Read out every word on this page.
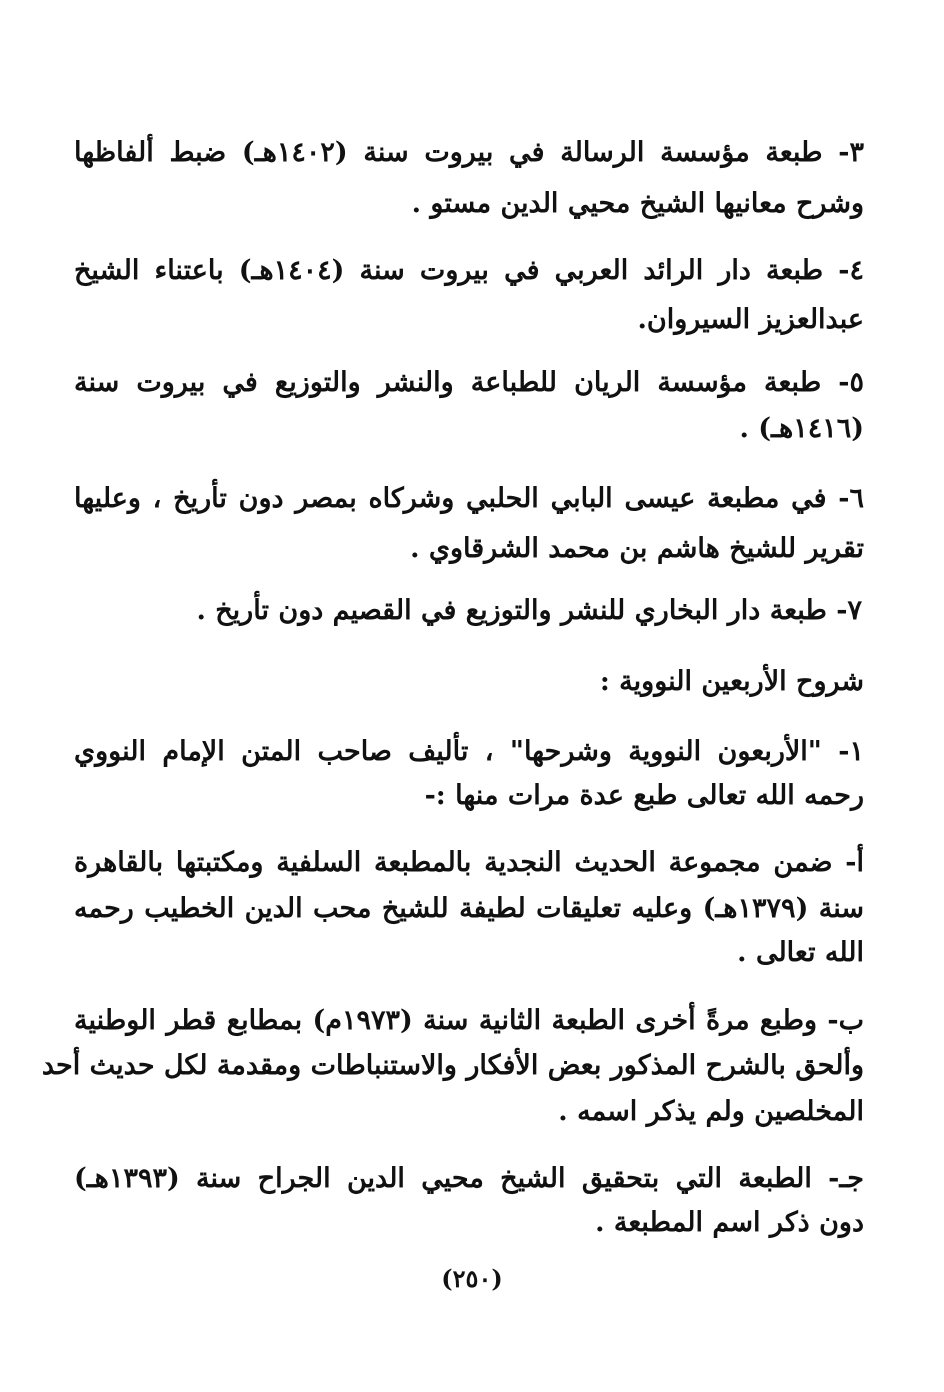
٣- طبعة مؤسسة الرسالة في بيروت سنة (١٤٠٢هـ) ضبط ألفاظها
وشرح معانيها الشيخ محيي الدين مستو .
٤- طبعة دار الرائد العربي في بيروت سنة (١٤٠٤هـ) باعتناء الشيخ
عبدالعزيز السيروان.
٥- طبعة مؤسسة الريان للطباعة والنشر والتوزيع في بيروت سنة
(١٤١٦هـ) .
٦- في مطبعة عيسى البابي الحلبي وشركاه بمصر دون تأريخ ، وعليها
تقرير للشيخ هاشم بن محمد الشرقاوي .
٧- طبعة دار البخاري للنشر والتوزيع في القصيم دون تأريخ .
شروح الأربعين النووية :
١- "الأربعون النووية وشرحها" ، تأليف صاحب المتن الإمام النووي
رحمه الله تعالى طبع عدة مرات منها :-
أ- ضمن مجموعة الحديث النجدية بالمطبعة السلفية ومكتبتها بالقاهرة
سنة (١٣٧٩هـ) وعليه تعليقات لطيفة للشيخ محب الدين الخطيب رحمه
الله تعالى .
ب- وطبع مرةً أخرى الطبعة الثانية سنة (١٩٧٣م) بمطابع قطر الوطنية
وألحق بالشرح المذكور بعض الأفكار والاستنباطات ومقدمة لكل حديث أحد
المخلصين ولم يذكر اسمه .
جـ- الطبعة التي بتحقيق الشيخ محيي الدين الجراح سنة (١٣٩٣هـ)
دون ذكر اسم المطبعة .
(٢٥٠)
